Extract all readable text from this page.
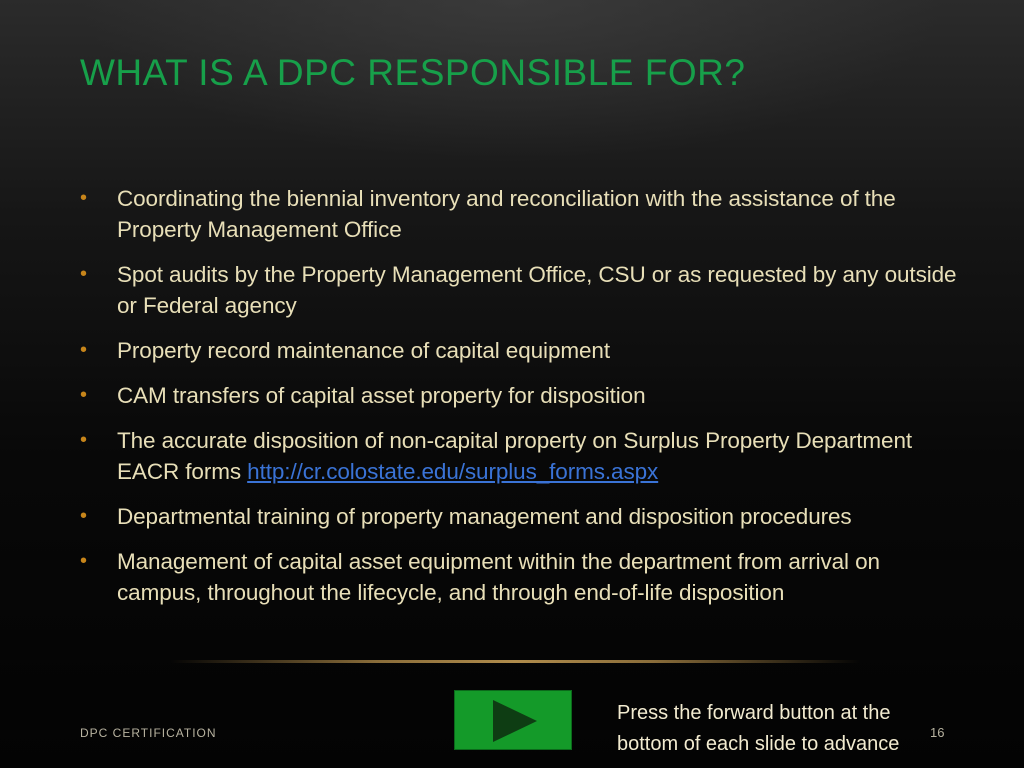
WHAT IS A DPC RESPONSIBLE FOR?
• Coordinating the biennial inventory and reconciliation with the assistance of the Property Management Office
• Spot audits by the Property Management Office, CSU or as requested by any outside or Federal agency
• Property record maintenance of capital equipment
• CAM transfers of capital asset property for disposition
• The accurate disposition of non-capital property on Surplus Property Department EACR forms http://cr.colostate.edu/surplus_forms.aspx
• Departmental training of property management and disposition procedures
• Management of capital asset equipment within the department from arrival on campus, throughout the lifecycle, and through end-of-life disposition
DPC CERTIFICATION
Press the forward button at the bottom of each slide to advance
16
